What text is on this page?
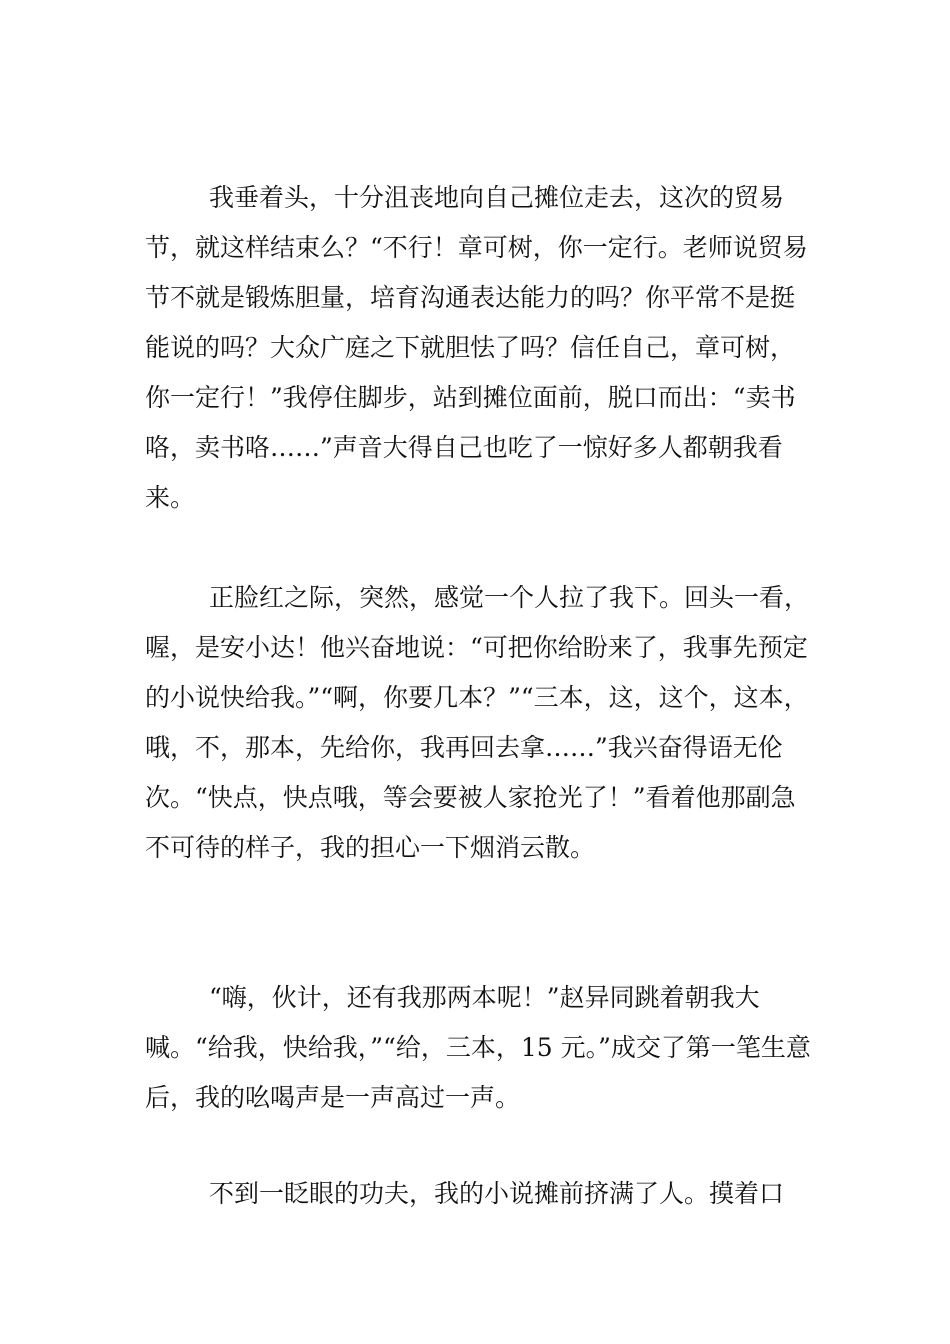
我垂着头，十分沮丧地向自己摊位走去，这次的贸易节，就这样结束么？“不行！章可树，你一定行。老师说贸易节不就是锻炼胆量，培育沟通表达能力的吗？你平常不是挺能说的吗？大众广庭之下就胆怯了吗？信任自己，章可树，你一定行！”我停住脚步，站到摊位面前，脱口而出：“卖书咯，卖书咯……”声音大得自己也吃了一惊好多人都朝我看来。

正脸红之际，突然，感觉一个人拉了我下。回头一看，喔，是安小达！他兴奋地说：“可把你给盼来了，我事先预定的小说快给我。”“啊，你要几本？”“三本，这，这个，这本，哦，不，那本，先给你，我再回去拿……”我兴奋得语无伦次。“快点，快点哦，等会要被人家抢光了！”看着他那副急不可待的样子，我的担心一下烟消云散。

“嗨，伙计，还有我那两本呢！”赵异同跳着朝我大喊。“给我，快给我，”“给，三本，15 元。”成交了第一笔生意后，我的吆喝声是一声高过一声。

不到一眨眼的功夫，我的小说摊前挤满了人。摸着口
